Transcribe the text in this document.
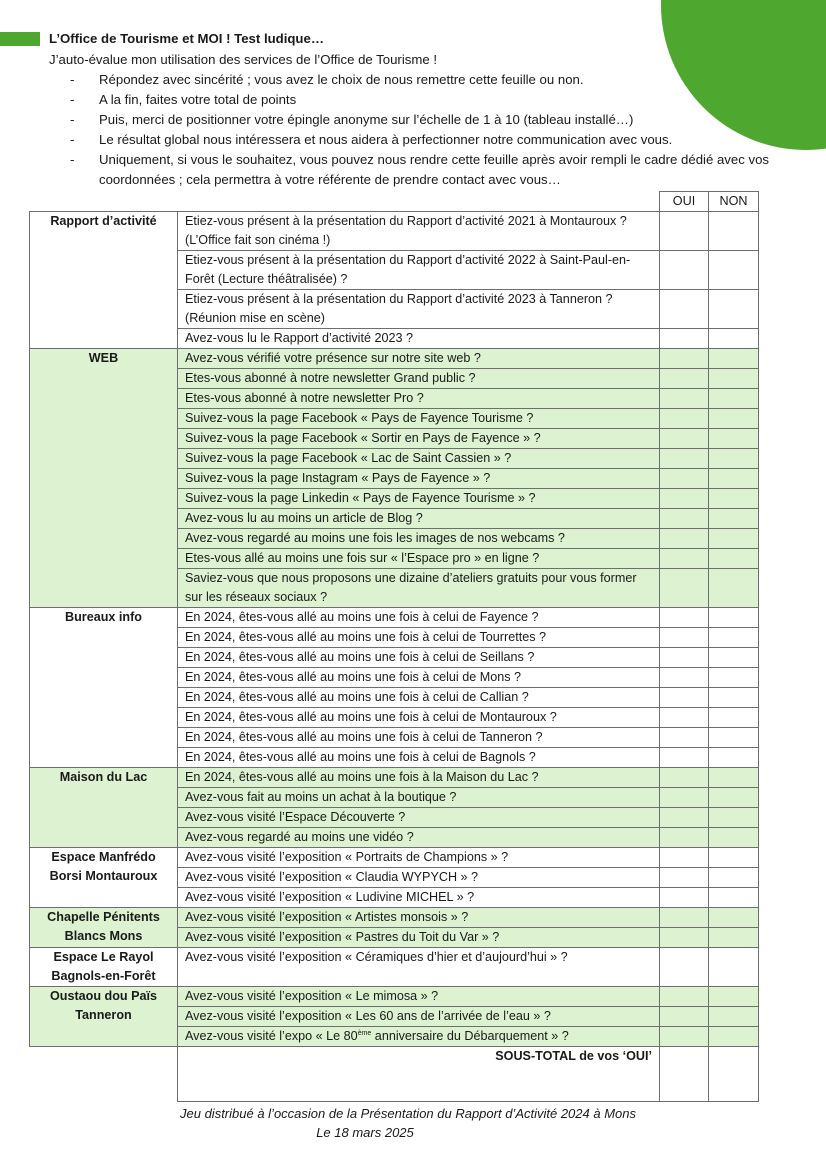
L’Office de Tourisme et MOI ! Test ludique…
J’auto-évalue mon utilisation des services de l’Office de Tourisme !
- Répondez avec sincérité ; vous avez le choix de nous remettre cette feuille ou non.
- A la fin, faites votre total de points
- Puis, merci de positionner votre épingle anonyme sur l’échelle de 1 à 10 (tableau installé…)
- Le résultat global nous intéressera et nous aidera à perfectionner notre communication avec vous.
- Uniquement, si vous le souhaitez, vous pouvez nous rendre cette feuille après avoir rempli le cadre dédié avec vos coordonnées ; cela permettra à votre référente de prendre contact avec vous…
		OUI	NON
Rapport d’activité	Etiez-vous présent à la présentation du Rapport d’activité 2021 à Montauroux ? (L’Office fait son cinéma !)		
	Etiez-vous présent à la présentation du Rapport d’activité 2022 à Saint-Paul-en-Forêt (Lecture théâtralisée) ?		
	Etiez-vous présent à la présentation du Rapport d’activité 2023 à Tanneron ? (Réunion mise en scène)		
	Avez-vous lu le Rapport d’activité 2023 ?		
WEB	Avez-vous vérifié votre présence sur notre site web ?		
	Etes-vous abonné à notre newsletter Grand public ?		
	Etes-vous abonné à notre newsletter Pro ?		
	Suivez-vous la page Facebook « Pays de Fayence Tourisme ?		
	Suivez-vous la page Facebook « Sortir en Pays de Fayence » ?		
	Suivez-vous la page Facebook « Lac de Saint Cassien » ?		
	Suivez-vous la page Instagram « Pays de Fayence » ?		
	Suivez-vous la page Linkedin « Pays de Fayence Tourisme » ?		
	Avez-vous lu au moins un article de Blog ?		
	Avez-vous regardé au moins une fois les images de nos webcams ?		
	Etes-vous allé au moins une fois sur « l’Espace pro » en ligne ?		
	Saviez-vous que nous proposons une dizaine d’ateliers gratuits pour vous former sur les réseaux sociaux ?		
Bureaux info	En 2024, êtes-vous allé au moins une fois à celui de Fayence ?		
	En 2024, êtes-vous allé au moins une fois à celui de Tourrettes ?		
	En 2024, êtes-vous allé au moins une fois à celui de Seillans ?		
	En 2024, êtes-vous allé au moins une fois à celui de Mons ?		
	En 2024, êtes-vous allé au moins une fois à celui de Callian ?		
	En 2024, êtes-vous allé au moins une fois à celui de Montauroux ?		
	En 2024, êtes-vous allé au moins une fois à celui de Tanneron ?		
	En 2024, êtes-vous allé au moins une fois à celui de Bagnols ?		
Maison du Lac	En 2024, êtes-vous allé au moins une fois à la Maison du Lac ?		
	Avez-vous fait au moins un achat à la boutique ?		
	Avez-vous visité l’Espace Découverte ?		
	Avez-vous regardé au moins une vidéo ?		
Espace Manfrédo Borsi Montauroux	Avez-vous visité l’exposition « Portraits de Champions » ?		
	Avez-vous visité l’exposition « Claudia WYPYCH » ?		
	Avez-vous visité l’exposition « Ludivine MICHEL » ?		
Chapelle Pénitents Blancs Mons	Avez-vous visité l’exposition « Artistes monsois » ?		
	Avez-vous visité l’exposition « Pastres du Toit du Var » ?		
Espace Le Rayol Bagnols-en-Forêt	Avez-vous visité l’exposition « Céramiques d’hier et d’aujourd’hui » ?		
Oustaou dou Païs Tanneron	Avez-vous visité l’exposition « Le mimosa » ?		
	Avez-vous visité l’exposition « Les 60 ans de l’arrivée de l’eau » ?		
	Avez-vous visité l’expo « Le 80ème anniversaire du Débarquement » ?		
	SOUS-TOTAL de vos ‘OUI’		
Jeu distribué à l’occasion de la Présentation du Rapport d’Activité 2024 à Mons
Le 18 mars 2025
